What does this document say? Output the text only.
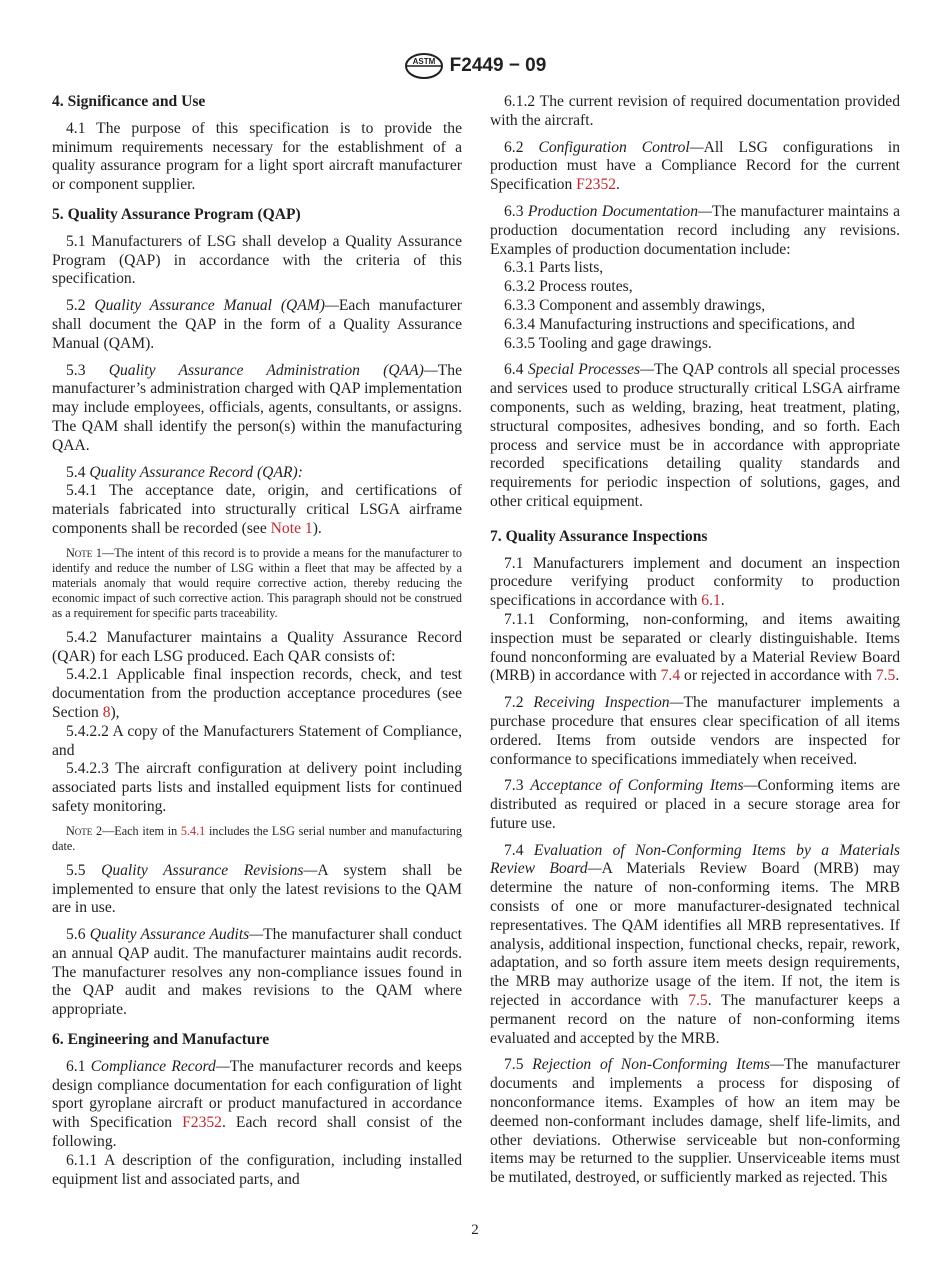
ASTM F2449 − 09
4. Significance and Use

4.1 The purpose of this specification is to provide the minimum requirements necessary for the establishment of a quality assurance program for a light sport aircraft manufacturer or component supplier.

5. Quality Assurance Program (QAP)

5.1 Manufacturers of LSG shall develop a Quality Assurance Program (QAP) in accordance with the criteria of this specification.

5.2 Quality Assurance Manual (QAM)—Each manufacturer shall document the QAP in the form of a Quality Assurance Manual (QAM).

5.3 Quality Assurance Administration (QAA)—The manufacturer’s administration charged with QAP implementation may include employees, officials, agents, consultants, or assigns. The QAM shall identify the person(s) within the manufacturing QAA.

5.4 Quality Assurance Record (QAR):

5.4.1 The acceptance date, origin, and certifications of materials fabricated into structurally critical LSGA airframe components shall be recorded (see Note 1).

Note 1—The intent of this record is to provide a means for the manufacturer to identify and reduce the number of LSG within a fleet that may be affected by a materials anomaly that would require corrective action, thereby reducing the economic impact of such corrective action. This paragraph should not be construed as a requirement for specific parts traceability.

5.4.2 Manufacturer maintains a Quality Assurance Record (QAR) for each LSG produced. Each QAR consists of:

5.4.2.1 Applicable final inspection records, check, and test documentation from the production acceptance procedures (see Section 8),

5.4.2.2 A copy of the Manufacturers Statement of Compliance, and

5.4.2.3 The aircraft configuration at delivery point including associated parts lists and installed equipment lists for continued safety monitoring.

Note 2—Each item in 5.4.1 includes the LSG serial number and manufacturing date.

5.5 Quality Assurance Revisions—A system shall be implemented to ensure that only the latest revisions to the QAM are in use.

5.6 Quality Assurance Audits—The manufacturer shall conduct an annual QAP audit. The manufacturer maintains audit records. The manufacturer resolves any non-compliance issues found in the QAP audit and makes revisions to the QAM where appropriate.

6. Engineering and Manufacture

6.1 Compliance Record—The manufacturer records and keeps design compliance documentation for each configuration of light sport gyroplane aircraft or product manufactured in accordance with Specification F2352. Each record shall consist of the following.

6.1.1 A description of the configuration, including installed equipment list and associated parts, and

6.1.2 The current revision of required documentation provided with the aircraft.

6.2 Configuration Control—All LSG configurations in production must have a Compliance Record for the current Specification F2352.

6.3 Production Documentation—The manufacturer maintains a production documentation record including any revisions. Examples of production documentation include:

6.3.1 Parts lists,

6.3.2 Process routes,

6.3.3 Component and assembly drawings,

6.3.4 Manufacturing instructions and specifications, and

6.3.5 Tooling and gage drawings.

6.4 Special Processes—The QAP controls all special processes and services used to produce structurally critical LSGA airframe components, such as welding, brazing, heat treatment, plating, structural composites, adhesives bonding, and so forth. Each process and service must be in accordance with appropriate recorded specifications detailing quality standards and requirements for periodic inspection of solutions, gages, and other critical equipment.

7. Quality Assurance Inspections

7.1 Manufacturers implement and document an inspection procedure verifying product conformity to production specifications in accordance with 6.1.

7.1.1 Conforming, non-conforming, and items awaiting inspection must be separated or clearly distinguishable. Items found nonconforming are evaluated by a Material Review Board (MRB) in accordance with 7.4 or rejected in accordance with 7.5.

7.2 Receiving Inspection—The manufacturer implements a purchase procedure that ensures clear specification of all items ordered. Items from outside vendors are inspected for conformance to specifications immediately when received.

7.3 Acceptance of Conforming Items—Conforming items are distributed as required or placed in a secure storage area for future use.

7.4 Evaluation of Non-Conforming Items by a Materials Review Board—A Materials Review Board (MRB) may determine the nature of non-conforming items. The MRB consists of one or more manufacturer-designated technical representatives. The QAM identifies all MRB representatives. If analysis, additional inspection, functional checks, repair, rework, adaptation, and so forth assure item meets design requirements, the MRB may authorize usage of the item. If not, the item is rejected in accordance with 7.5. The manufacturer keeps a permanent record on the nature of non-conforming items evaluated and accepted by the MRB.

7.5 Rejection of Non-Conforming Items—The manufacturer documents and implements a process for disposing of nonconformance items. Examples of how an item may be deemed non-conformant includes damage, shelf life-limits, and other deviations. Otherwise serviceable but non-conforming items may be returned to the supplier. Unserviceable items must be mutilated, destroyed, or sufficiently marked as rejected. This

2
